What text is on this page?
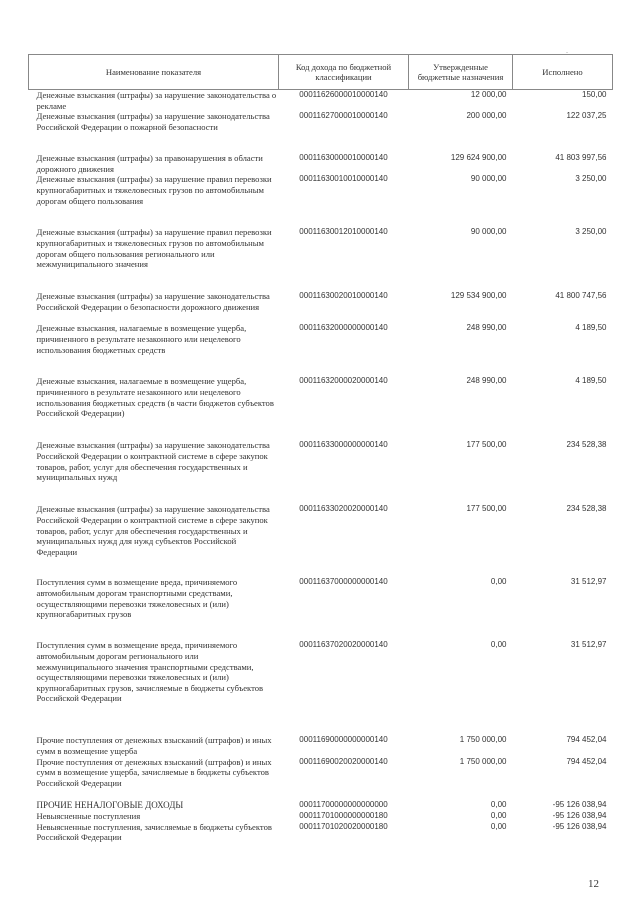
.
Наименование показателя	Код дохода по бюджетной классификации	Утвержденные бюджетные назначения	Исполнено
Денежные взыскания (штрафы) за нарушение законодательства о рекламе	00011626000010000140	12 000,00	150,00
Денежные взыскания (штрафы) за нарушение законодательства Российской Федерации о пожарной безопасности	00011627000010000140	200 000,00	122 037,25
Денежные взыскания (штрафы) за правонарушения в области дорожного движения	00011630000010000140	129 624 900,00	41 803 997,56
Денежные взыскания (штрафы) за нарушение правил перевозки крупногабаритных и тяжеловесных грузов по автомобильным дорогам общего пользования	00011630010010000140	90 000,00	3 250,00
Денежные взыскания (штрафы) за нарушение правил перевозки крупногабаритных и тяжеловесных грузов по автомобильным дорогам общего пользования регионального или межмуниципального значения	00011630012010000140	90 000,00	3 250,00
Денежные взыскания (штрафы) за нарушение законодательства Российской Федерации о безопасности дорожного движения	00011630020010000140	129 534 900,00	41 800 747,56
Денежные взыскания, налагаемые в возмещение ущерба, причиненного в результате незаконного или нецелевого использования бюджетных средств	00011632000000000140	248 990,00	4 189,50
Денежные взыскания, налагаемые в возмещение ущерба, причиненного в результате незаконного или нецелевого использования бюджетных средств (в части бюджетов субъектов Российской Федерации)	00011632000020000140	248 990,00	4 189,50
Денежные взыскания (штрафы) за нарушение законодательства Российской Федерации о контрактной системе в сфере закупок товаров, работ, услуг для обеспечения государственных и муниципальных нужд	00011633000000000140	177 500,00	234 528,38
Денежные взыскания (штрафы) за нарушение законодательства Российской Федерации о контрактной системе в сфере закупок товаров, работ, услуг для обеспечения государственных и муниципальных нужд для нужд субъектов Российской Федерации	00011633020020000140	177 500,00	234 528,38
Поступления сумм в возмещение вреда, причиняемого автомобильным дорогам транспортными средствами, осуществляющими перевозки тяжеловесных и (или) крупногабаритных грузов	00011637000000000140	0,00	31 512,97
Поступления сумм в возмещение вреда, причиняемого автомобильным дорогам регионального или межмуниципального значения транспортными средствами, осуществляющими перевозки тяжеловесных и (или) крупногабаритных грузов, зачисляемые в бюджеты субъектов Российской Федерации	00011637020020000140	0,00	31 512,97
Прочие поступления от денежных взысканий (штрафов) и иных сумм в возмещение ущерба	00011690000000000140	1 750 000,00	794 452,04
Прочие поступления от денежных взысканий (штрафов) и иных сумм в возмещение ущерба, зачисляемые в бюджеты субъектов Российской Федерации	00011690020020000140	1 750 000,00	794 452,04
ПРОЧИЕ НЕНАЛОГОВЫЕ ДОХОДЫ	00011700000000000000	0,00	-95 126 038,94
Невыясненные поступления	00011701000000000180	0,00	-95 126 038,94
Невыясненные поступления, зачисляемые в бюджеты субъектов Российской Федерации	00011701020020000180	0,00	-95 126 038,94
12
